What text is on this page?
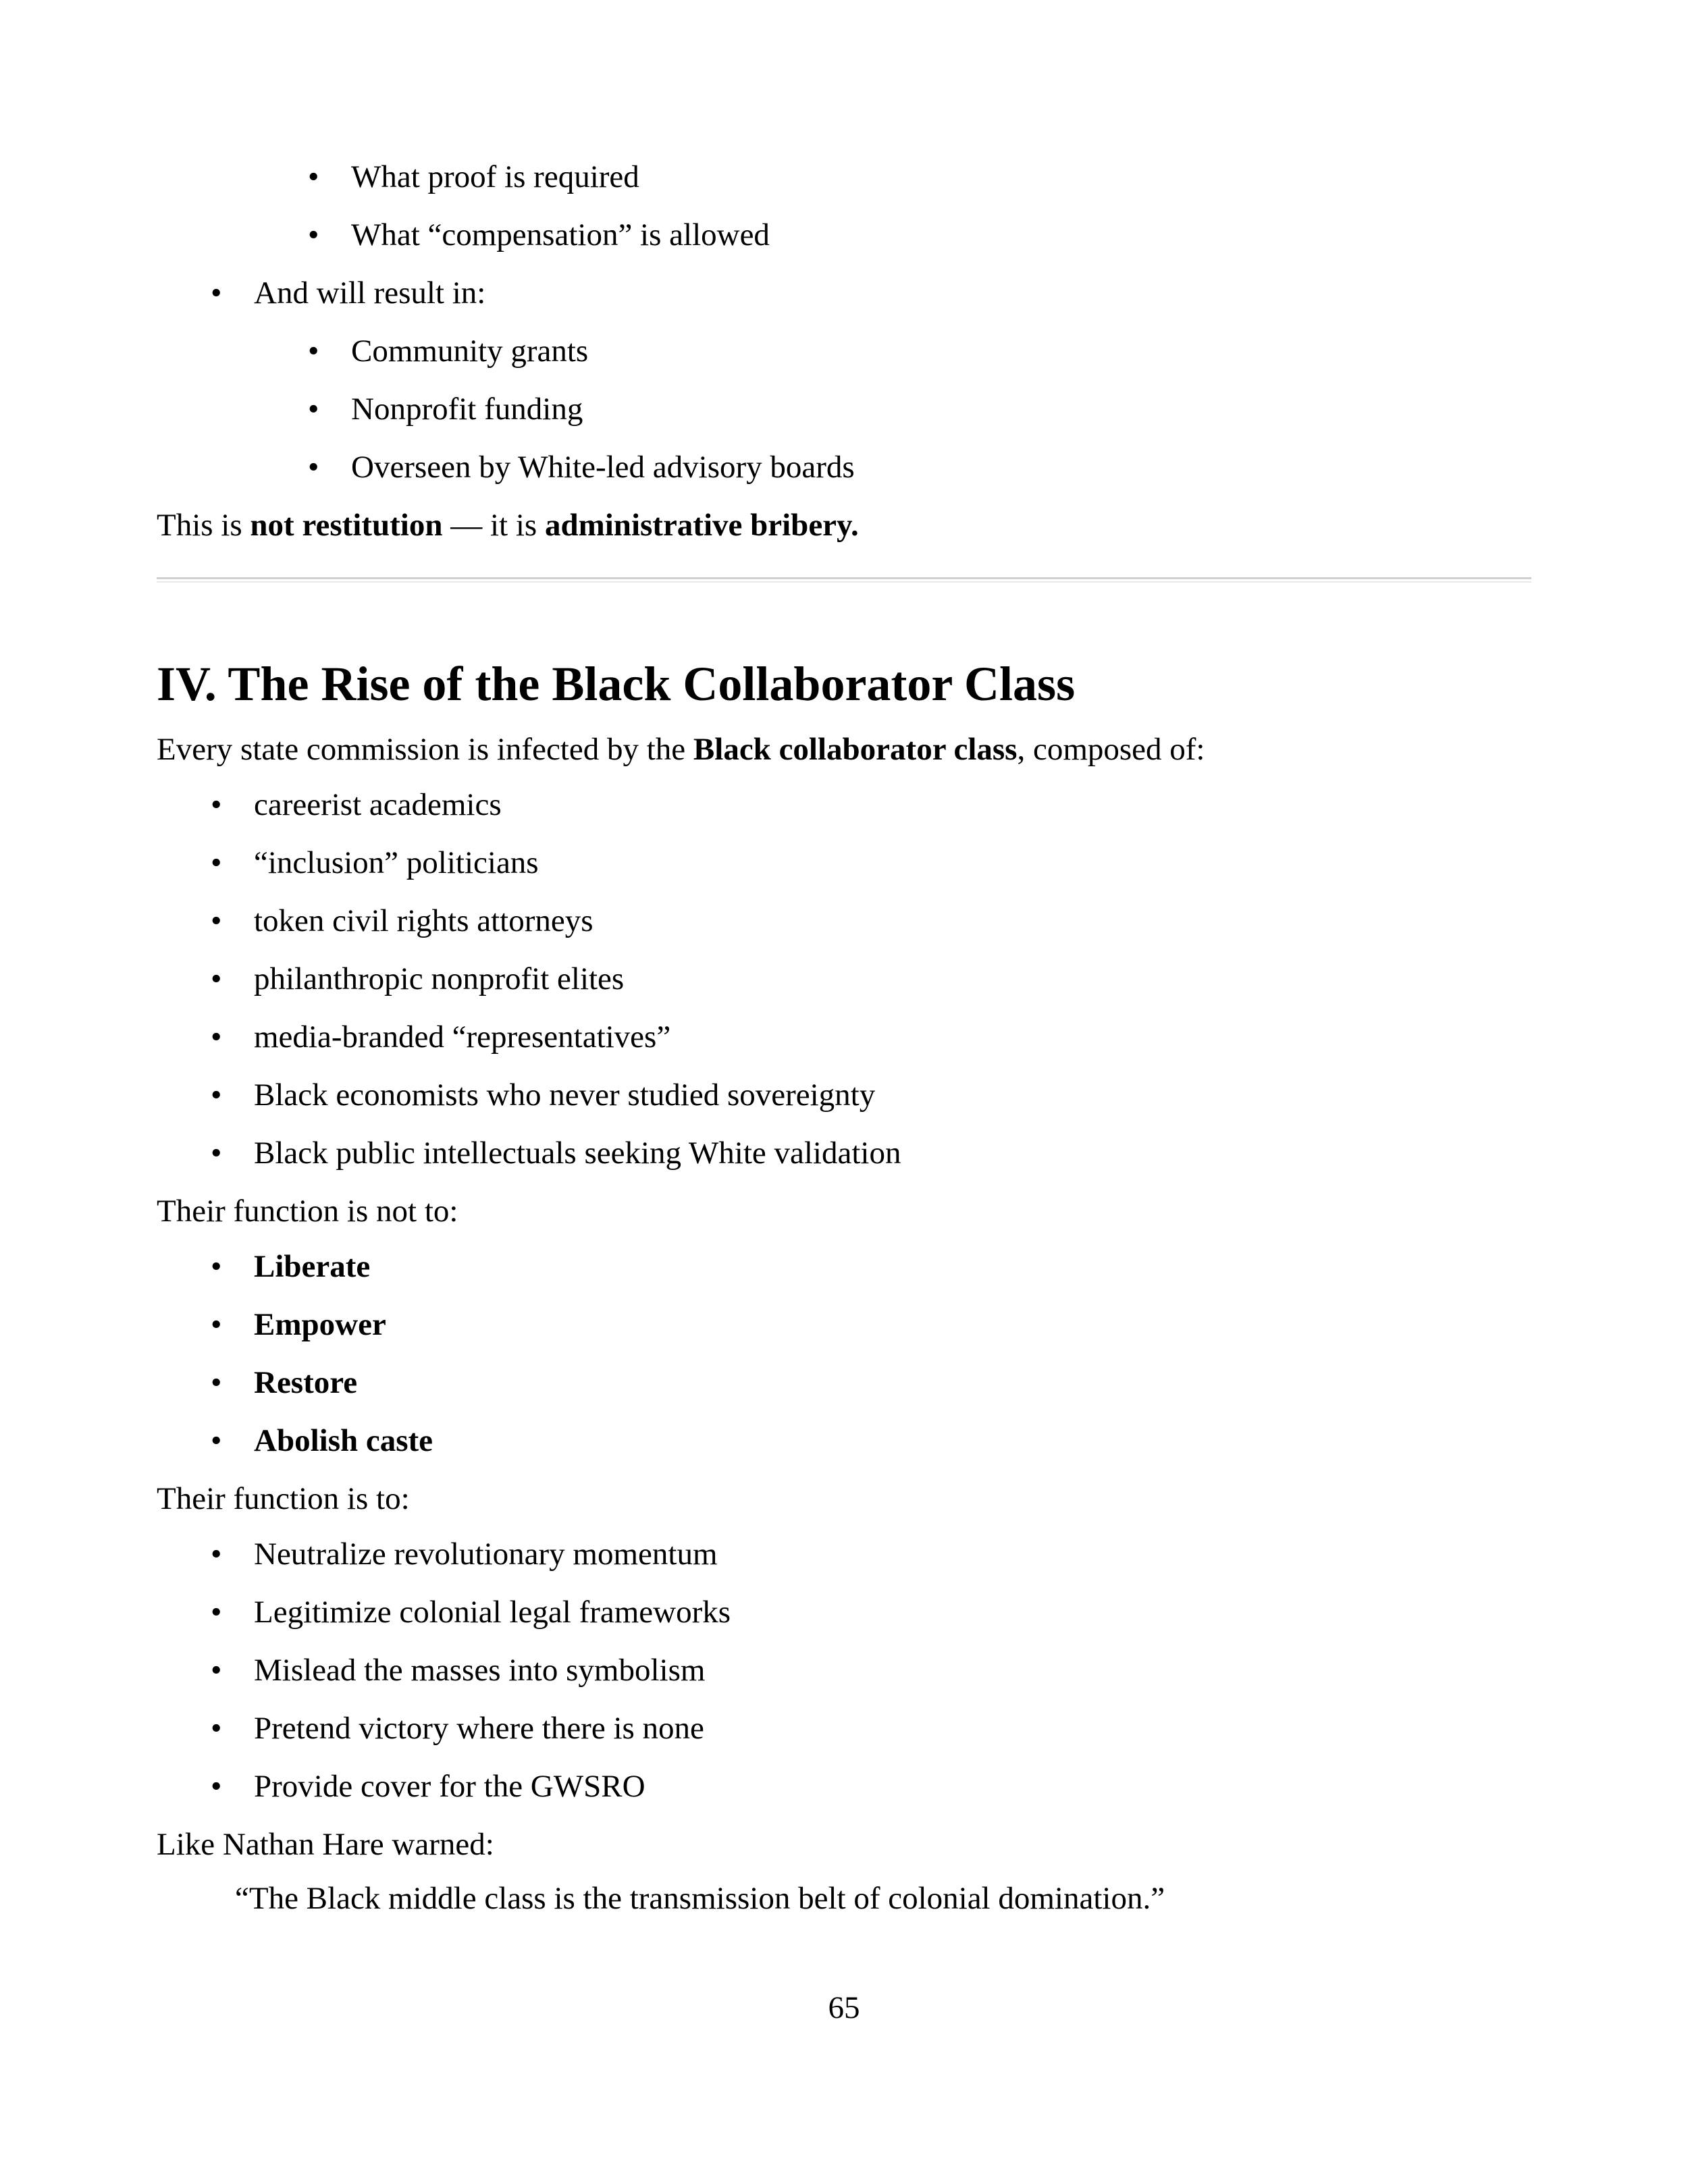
• What proof is required
• What “compensation” is allowed
• And will result in:
• Community grants
• Nonprofit funding
• Overseen by White-led advisory boards
This is not restitution — it is administrative bribery.
IV. The Rise of the Black Collaborator Class
Every state commission is infected by the Black collaborator class, composed of:
• careerist academics
• “inclusion” politicians
• token civil rights attorneys
• philanthropic nonprofit elites
• media-branded “representatives”
• Black economists who never studied sovereignty
• Black public intellectuals seeking White validation
Their function is not to:
• Liberate
• Empower
• Restore
• Abolish caste
Their function is to:
• Neutralize revolutionary momentum
• Legitimize colonial legal frameworks
• Mislead the masses into symbolism
• Pretend victory where there is none
• Provide cover for the GWSRO
Like Nathan Hare warned:
“The Black middle class is the transmission belt of colonial domination.”
65
